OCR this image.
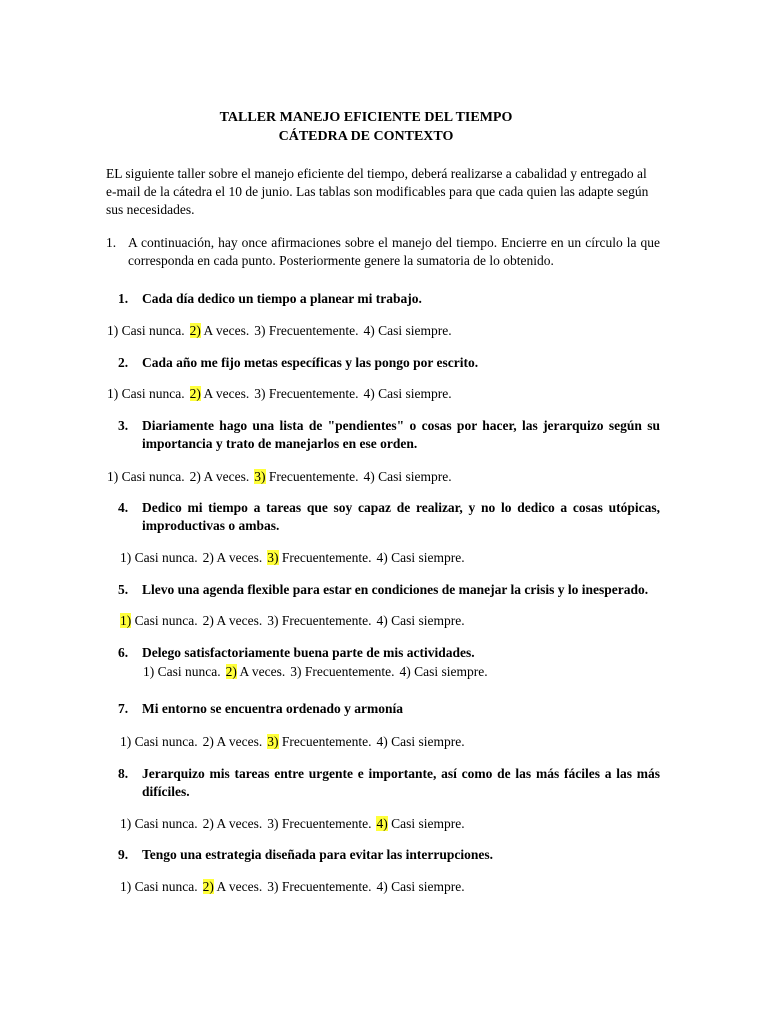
TALLER MANEJO EFICIENTE DEL TIEMPO

CÁTEDRA DE CONTEXTO

EL siguiente taller sobre el manejo eficiente del tiempo, deberá realizarse a cabalidad y entregado al e-mail de la cátedra el 10 de junio. Las tablas son modificables para que cada quien las adapte según sus necesidades.

1. A continuación, hay once afirmaciones sobre el manejo del tiempo. Encierre en un círculo la que corresponda en cada punto. Posteriormente genere la sumatoria de lo obtenido.
1.	Cada día dedico un tiempo a planear mi trabajo.
1) Casi nunca. 2) A veces. 3) Frecuentemente. 4) Casi siempre.
2.	Cada año me fijo metas específicas y las pongo por escrito.
1) Casi nunca. 2) A veces. 3) Frecuentemente. 4) Casi siempre.
3.	Diariamente hago una lista de "pendientes" o cosas por hacer, las jerarquizo según su importancia y trato de manejarlos en ese orden.
1) Casi nunca. 2) A veces. 3) Frecuentemente. 4) Casi siempre.
4.	Dedico mi tiempo a tareas que soy capaz de realizar, y no lo dedico a cosas utópicas, improductivas o ambas.
1) Casi nunca. 2) A veces. 3) Frecuentemente. 4) Casi siempre.
5.	Llevo una agenda flexible para estar en condiciones de manejar la crisis y lo inesperado.
1) Casi nunca. 2) A veces. 3) Frecuentemente. 4) Casi siempre.
6.	Delego satisfactoriamente buena parte de mis actividades.
1) Casi nunca. 2) A veces. 3) Frecuentemente. 4) Casi siempre.
7.	Mi entorno se encuentra ordenado y armonía
1) Casi nunca. 2) A veces. 3) Frecuentemente. 4) Casi siempre.
8.	Jerarquizo mis tareas entre urgente e importante, así como de las más fáciles a las más difíciles.
1) Casi nunca. 2) A veces. 3) Frecuentemente. 4) Casi siempre.
9.	Tengo una estrategia diseñada para evitar las interrupciones.
1) Casi nunca. 2) A veces. 3) Frecuentemente. 4) Casi siempre.
